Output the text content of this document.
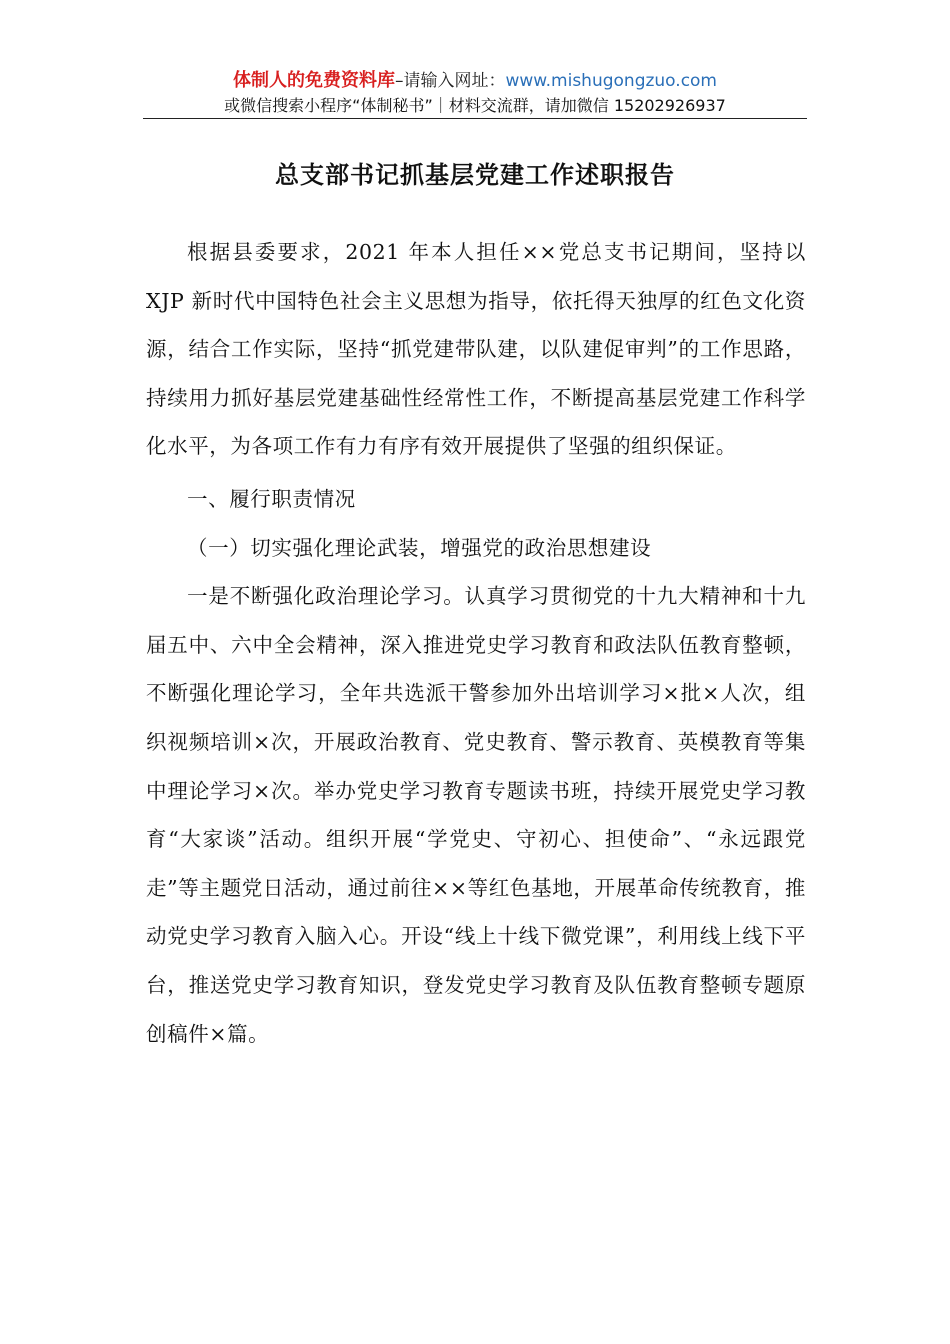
体制人的免费资料库–请输入网址：www.mishugongzuo.com
或微信搜索小程序“体制秘书”｜材料交流群，请加微信 15202926937
总支部书记抓基层党建工作述职报告

根据县委要求，2021 年本人担任××党总支书记期间，坚持以 XJP 新时代中国特色社会主义思想为指导，依托得天独厚的红色文化资源，结合工作实际，坚持“抓党建带队建，以队建促审判”的工作思路，持续用力抓好基层党建基础性经常性工作，不断提高基层党建工作科学化水平，为各项工作有力有序有效开展提供了坚强的组织保证。

一、履行职责情况

（一）切实强化理论武装，增强党的政治思想建设

一是不断强化政治理论学习。认真学习贯彻党的十九大精神和十九届五中、六中全会精神，深入推进党史学习教育和政法队伍教育整顿，不断强化理论学习，全年共选派干警参加外出培训学习×批×人次，组织视频培训×次，开展政治教育、党史教育、警示教育、英模教育等集中理论学习×次。举办党史学习教育专题读书班，持续开展党史学习教育“大家谈”活动。组织开展“学党史、守初心、担使命”、“永远跟党走”等主题党日活动，通过前往××等红色基地，开展革命传统教育，推动党史学习教育入脑入心。开设“线上十线下微党课”，利用线上线下平台，推送党史学习教育知识，登发党史学习教育及队伍教育整顿专题原创稿件×篇。
